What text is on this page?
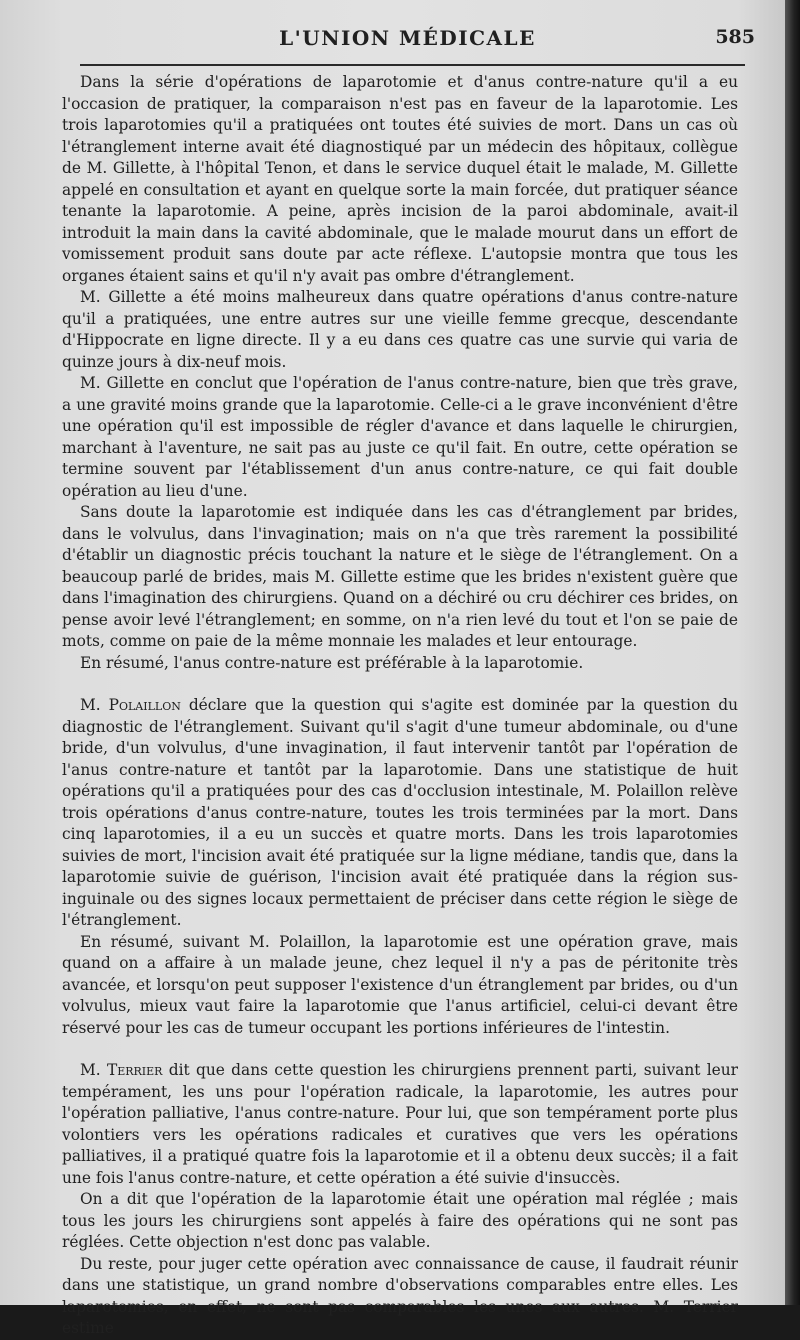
L'UNION MÉDICALE	585

Dans la série d'opérations de laparotomie et d'anus contre-nature qu'il a eu l'occasion de pratiquer, la comparaison n'est pas en faveur de la laparotomie. Les trois laparotomies qu'il a pratiquées ont toutes été suivies de mort. Dans un cas où l'étranglement interne avait été diagnostiqué par un médecin des hôpitaux, collègue de M. Gillette, à l'hôpital Tenon, et dans le service duquel était le malade, M. Gillette appelé en consultation et ayant en quelque sorte la main forcée, dut pratiquer séance tenante la laparotomie. A peine, après incision de la paroi abdominale, avait-il introduit la main dans la cavité abdominale, que le malade mourut dans un effort de vomissement produit sans doute par acte réflexe. L'autopsie montra que tous les organes étaient sains et qu'il n'y avait pas ombre d'étranglement.

M. Gillette a été moins malheureux dans quatre opérations d'anus contre-nature qu'il a pratiquées, une entre autres sur une vieille femme grecque, descendante d'Hippocrate en ligne directe. Il y a eu dans ces quatre cas une survie qui varia de quinze jours à dix-neuf mois.

M. Gillette en conclut que l'opération de l'anus contre-nature, bien que très grave, a une gravité moins grande que la laparotomie. Celle-ci a le grave inconvénient d'être une opération qu'il est impossible de régler d'avance et dans laquelle le chirurgien, marchant à l'aventure, ne sait pas au juste ce qu'il fait. En outre, cette opération se termine souvent par l'établissement d'un anus contre-nature, ce qui fait double opération au lieu d'une.

Sans doute la laparotomie est indiquée dans les cas d'étranglement par brides, dans le volvulus, dans l'invagination; mais on n'a que très rarement la possibilité d'établir un diagnostic précis touchant la nature et le siège de l'étranglement. On a beaucoup parlé de brides, mais M. Gillette estime que les brides n'existent guère que dans l'imagination des chirurgiens. Quand on a déchiré ou cru déchirer ces brides, on pense avoir levé l'étranglement; en somme, on n'a rien levé du tout et l'on se paie de mots, comme on paie de la même monnaie les malades et leur entourage.

En résumé, l'anus contre-nature est préférable à la laparotomie.

M. Polaillon déclare que la question qui s'agite est dominée par la question du diagnostic de l'étranglement. Suivant qu'il s'agit d'une tumeur abdominale, ou d'une bride, d'un volvulus, d'une invagination, il faut intervenir tantôt par l'opération de l'anus contre-nature et tantôt par la laparotomie. Dans une statistique de huit opérations qu'il a pratiquées pour des cas d'occlusion intestinale, M. Polaillon relève trois opérations d'anus contre-nature, toutes les trois terminées par la mort. Dans cinq laparotomies, il a eu un succès et quatre morts. Dans les trois laparotomies suivies de mort, l'incision avait été pratiquée sur la ligne médiane, tandis que, dans la laparotomie suivie de guérison, l'incision avait été pratiquée dans la région sus-inguinale ou des signes locaux permettaient de préciser dans cette région le siège de l'étranglement.

En résumé, suivant M. Polaillon, la laparotomie est une opération grave, mais quand on a affaire à un malade jeune, chez lequel il n'y a pas de péritonite très avancée, et lorsqu'on peut supposer l'existence d'un étranglement par brides, ou d'un volvulus, mieux vaut faire la laparotomie que l'anus artificiel, celui-ci devant être réservé pour les cas de tumeur occupant les portions inférieures de l'intestin.

M. Terrier dit que dans cette question les chirurgiens prennent parti, suivant leur tempérament, les uns pour l'opération radicale, la laparotomie, les autres pour l'opération palliative, l'anus contre-nature. Pour lui, que son tempérament porte plus volontiers vers les opérations radicales et curatives que vers les opérations palliatives, il a pratiqué quatre fois la laparotomie et il a obtenu deux succès; il a fait une fois l'anus contre-nature, et cette opération a été suivie d'insuccès.

On a dit que l'opération de la laparotomie était une opération mal réglée ; mais tous les jours les chirurgiens sont appelés à faire des opérations qui ne sont pas réglées. Cette objection n'est donc pas valable.

Du reste, pour juger cette opération avec connaissance de cause, il faudrait réunir dans une statistique, un grand nombre d'observations comparables entre elles. Les laparotomies, en effet, ne sont pas comparables les unes aux autres. M. Terrier estime
